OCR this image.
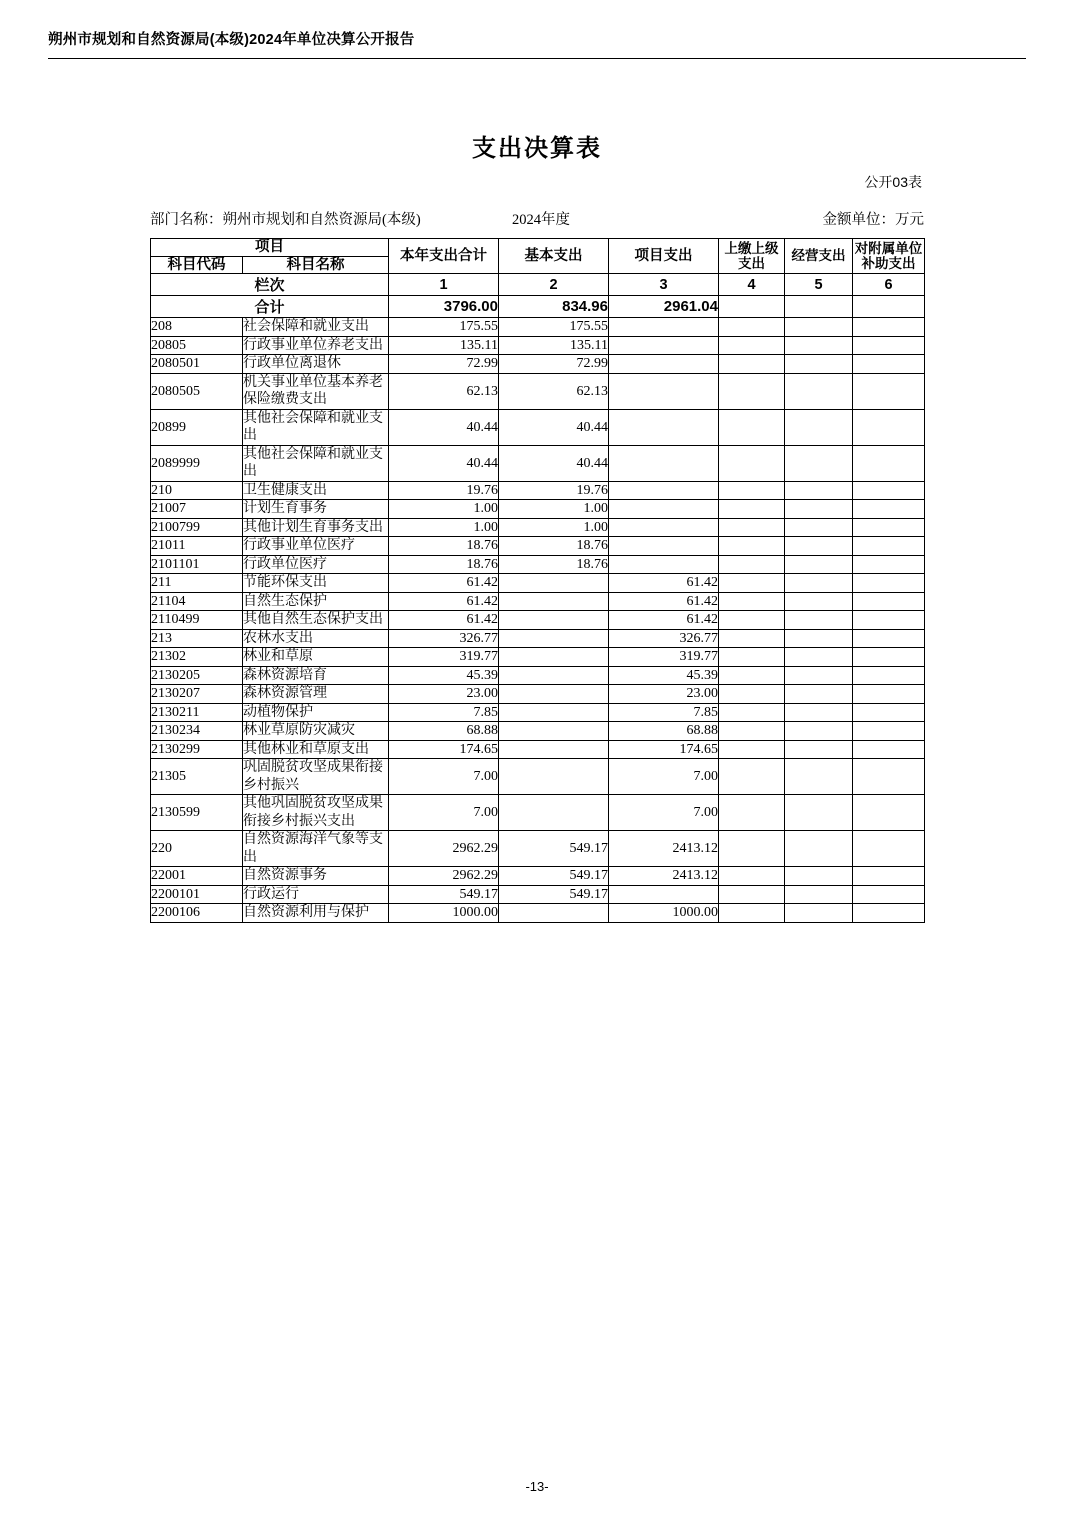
朔州市规划和自然资源局(本级)2024年单位决算公开报告
支出决算表
公开03表
部门名称：朔州市规划和自然资源局(本级)	2024年度	金额单位：万元
项目		本年支出合计	基本支出	项目支出	上缴上级支出	经营支出	对附属单位补助支出
科目代码	科目名称						
栏次		1	2	3	4	5	6
合计		3796.00	834.96	2961.04			
208	社会保障和就业支出	175.55	175.55				
20805	行政事业单位养老支出	135.11	135.11				
2080501	行政单位离退休	72.99	72.99				
2080505	机关事业单位基本养老保险缴费支出	62.13	62.13				
20899	其他社会保障和就业支出	40.44	40.44				
2089999	其他社会保障和就业支出	40.44	40.44				
210	卫生健康支出	19.76	19.76				
21007	计划生育事务	1.00	1.00				
2100799	其他计划生育事务支出	1.00	1.00				
21011	行政事业单位医疗	18.76	18.76				
2101101	行政单位医疗	18.76	18.76				
211	节能环保支出	61.42		61.42			
21104	自然生态保护	61.42		61.42			
2110499	其他自然生态保护支出	61.42		61.42			
213	农林水支出	326.77		326.77			
21302	林业和草原	319.77		319.77			
2130205	森林资源培育	45.39		45.39			
2130207	森林资源管理	23.00		23.00			
2130211	动植物保护	7.85		7.85			
2130234	林业草原防灾减灾	68.88		68.88			
2130299	其他林业和草原支出	174.65		174.65			
21305	巩固脱贫攻坚成果衔接乡村振兴	7.00		7.00			
2130599	其他巩固脱贫攻坚成果衔接乡村振兴支出	7.00		7.00			
220	自然资源海洋气象等支出	2962.29	549.17	2413.12			
22001	自然资源事务	2962.29	549.17	2413.12			
2200101	行政运行	549.17	549.17				
2200106	自然资源利用与保护	1000.00		1000.00			
-13-
